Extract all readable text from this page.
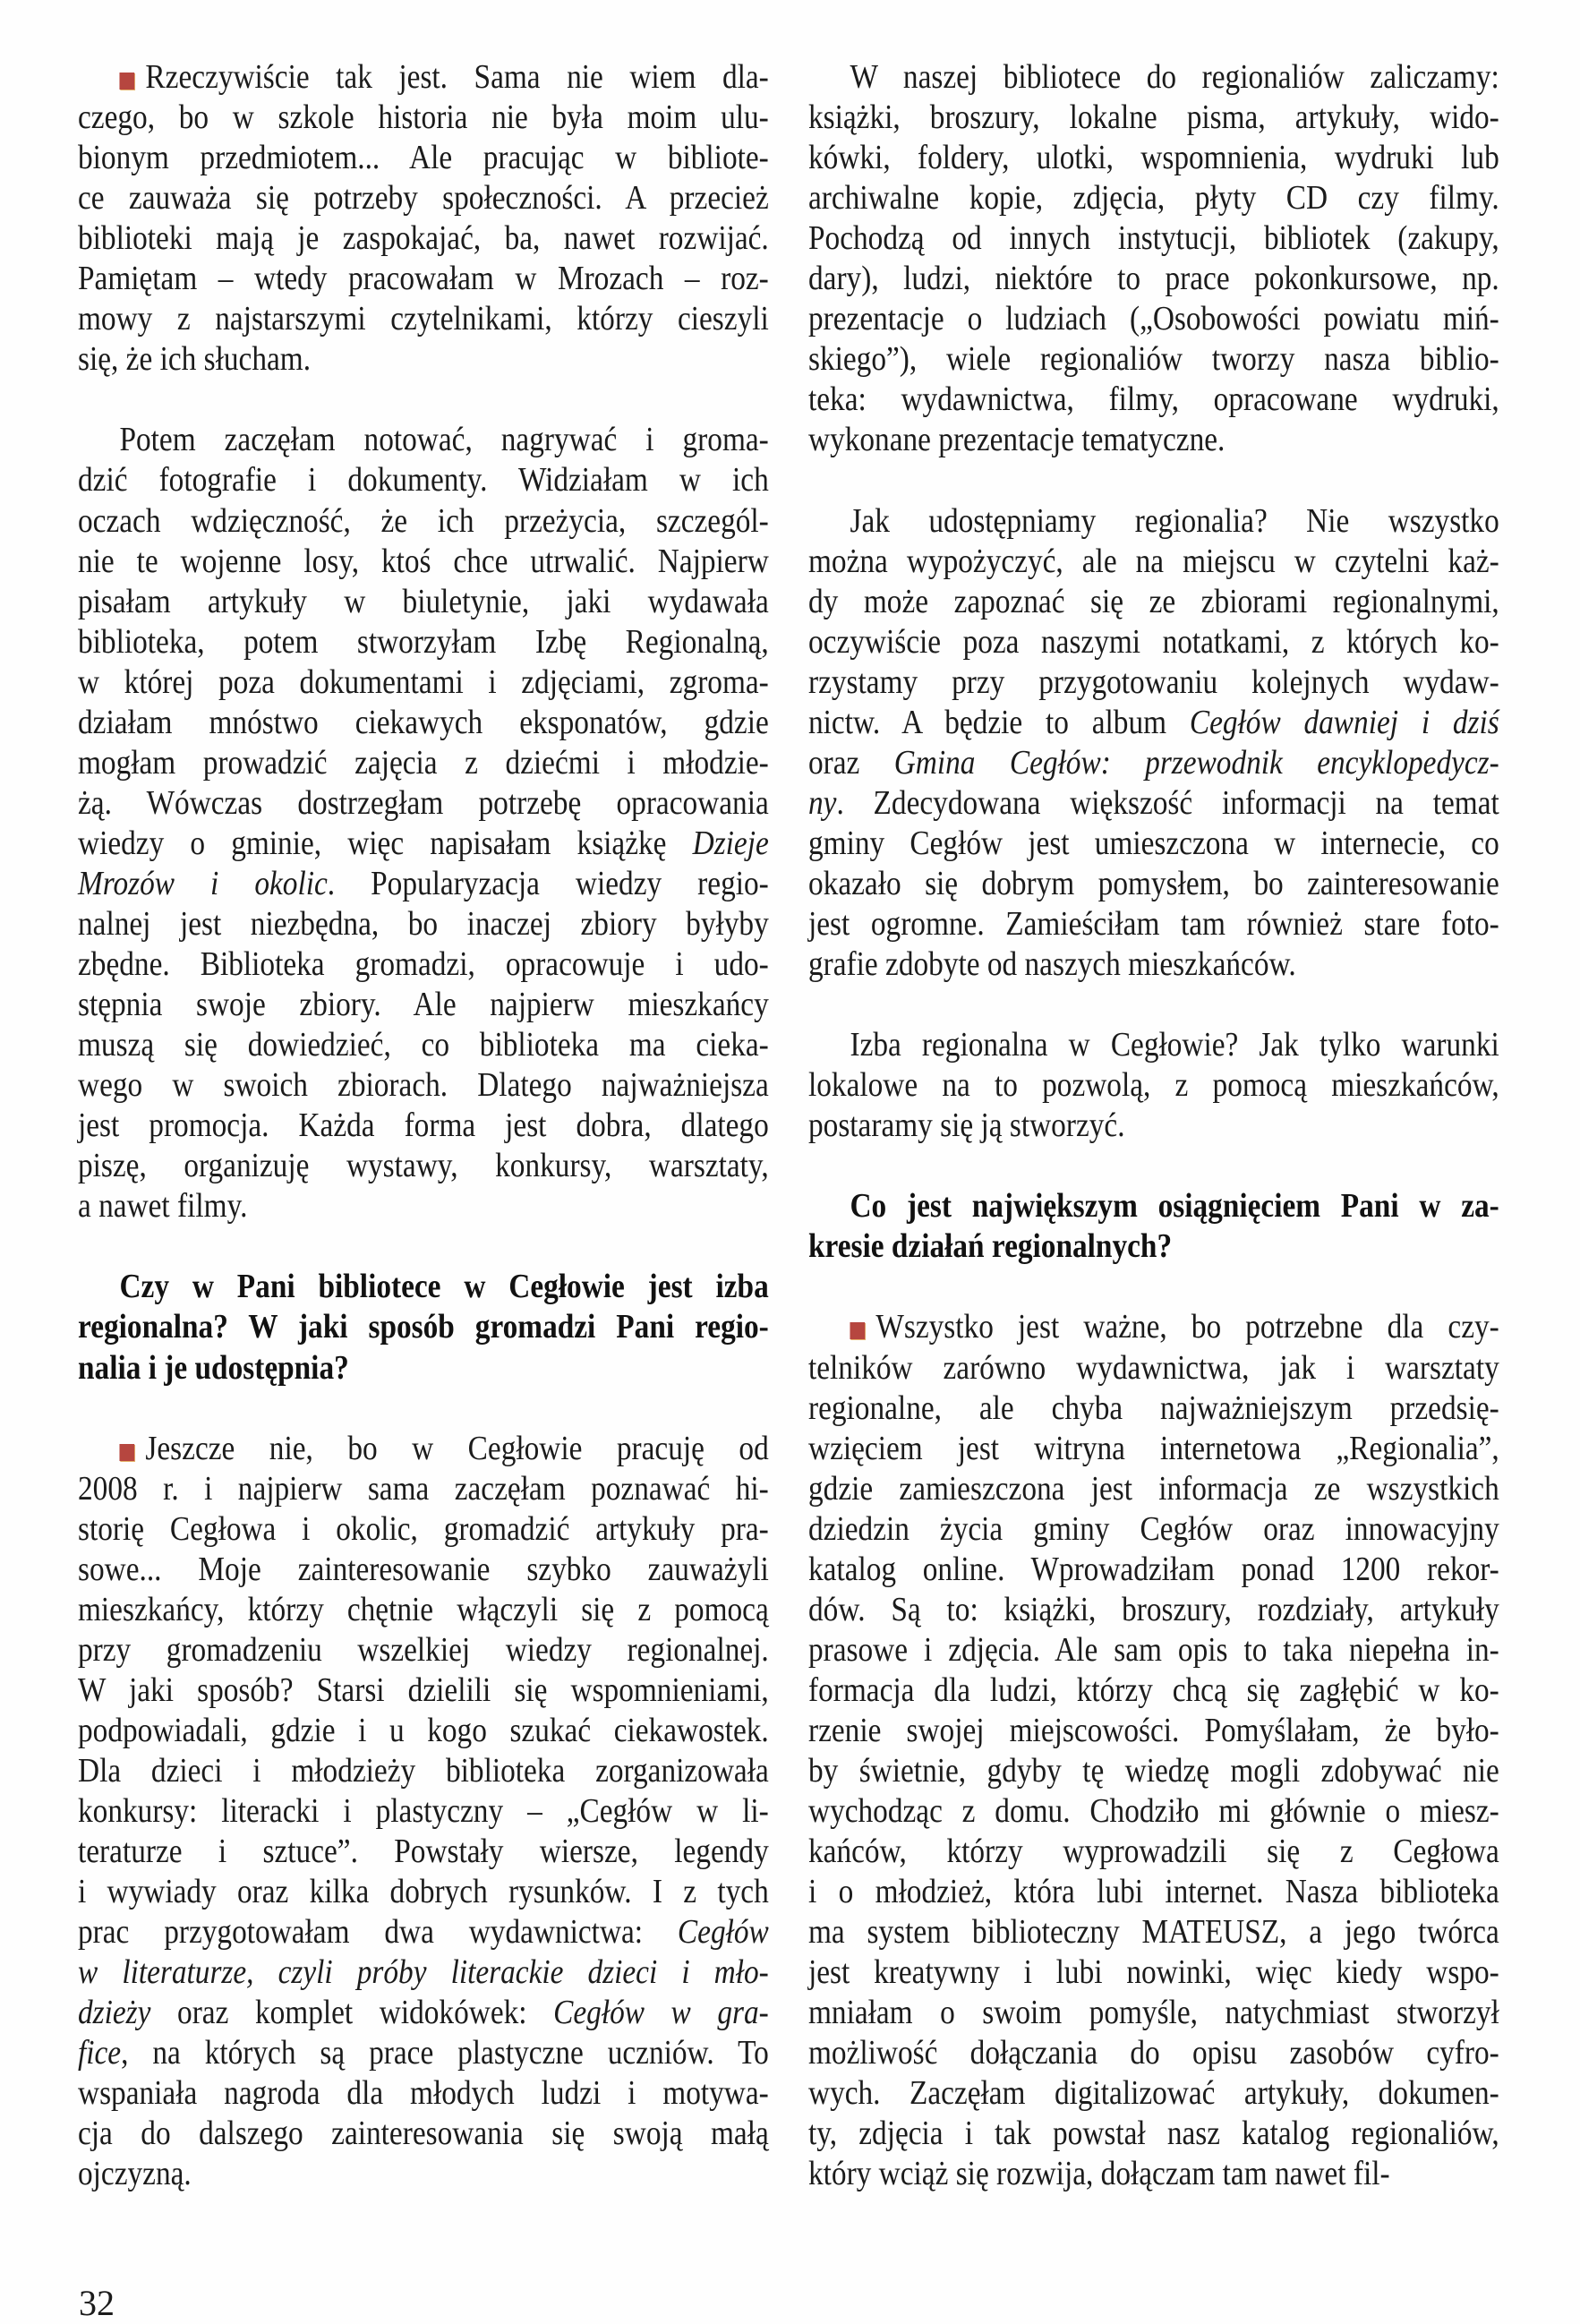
Rzeczywiście tak jest. Sama nie wiem dla-
czego, bo w szkole historia nie była moim ulu-
bionym przedmiotem... Ale pracując w bibliote-
ce zauważa się potrzeby społeczności. A przecież
biblioteki mają je zaspokajać, ba, nawet rozwijać.
Pamiętam – wtedy pracowałam w Mrozach – roz-
mowy z najstarszymi czytelnikami, którzy cieszyli
się, że ich słucham.
Potem zaczęłam notować, nagrywać i groma-
dzić fotografie i dokumenty. Widziałam w ich
oczach wdzięczność, że ich przeżycia, szczegól-
nie te wojenne losy, ktoś chce utrwalić. Najpierw
pisałam artykuły w biuletynie, jaki wydawała
biblioteka, potem stworzyłam Izbę Regionalną,
w której poza dokumentami i zdjęciami, zgroma-
działam mnóstwo ciekawych eksponatów, gdzie
mogłam prowadzić zajęcia z dziećmi i młodzie-
żą. Wówczas dostrzegłam potrzebę opracowania
wiedzy o gminie, więc napisałam książkę Dzieje
Mrozów i okolic. Popularyzacja wiedzy regio-
nalnej jest niezbędna, bo inaczej zbiory byłyby
zbędne. Biblioteka gromadzi, opracowuje i udo-
stępnia swoje zbiory. Ale najpierw mieszkańcy
muszą się dowiedzieć, co biblioteka ma cieka-
wego w swoich zbiorach. Dlatego najważniejsza
jest promocja. Każda forma jest dobra, dlatego
piszę, organizuję wystawy, konkursy, warsztaty,
a nawet filmy.
Czy w Pani bibliotece w Cegłowie jest izba
regionalna? W jaki sposób gromadzi Pani regio-
nalia i je udostępnia?
Jeszcze nie, bo w Cegłowie pracuję od
2008 r. i najpierw sama zaczęłam poznawać hi-
storię Cegłowa i okolic, gromadzić artykuły pra-
sowe... Moje zainteresowanie szybko zauważyli
mieszkańcy, którzy chętnie włączyli się z pomocą
przy gromadzeniu wszelkiej wiedzy regionalnej.
W jaki sposób? Starsi dzielili się wspomnieniami,
podpowiadali, gdzie i u kogo szukać ciekawostek.
Dla dzieci i młodzieży biblioteka zorganizowała
konkursy: literacki i plastyczny – „Cegłów w li-
teraturze i sztuce”. Powstały wiersze, legendy
i wywiady oraz kilka dobrych rysunków. I z tych
prac przygotowałam dwa wydawnictwa: Cegłów
w literaturze, czyli próby literackie dzieci i mło-
dzieży oraz komplet widokówek: Cegłów w gra-
fice, na których są prace plastyczne uczniów. To
wspaniała nagroda dla młodych ludzi i motywa-
cja do dalszego zainteresowania się swoją małą
ojczyzną.
W naszej bibliotece do regionaliów zaliczamy:
książki, broszury, lokalne pisma, artykuły, wido-
kówki, foldery, ulotki, wspomnienia, wydruki lub
archiwalne kopie, zdjęcia, płyty CD czy filmy.
Pochodzą od innych instytucji, bibliotek (zakupy,
dary), ludzi, niektóre to prace pokonkursowe, np.
prezentacje o ludziach („Osobowości powiatu miń-
skiego”), wiele regionaliów tworzy nasza biblio-
teka: wydawnictwa, filmy, opracowane wydruki,
wykonane prezentacje tematyczne.
Jak udostępniamy regionalia? Nie wszystko
można wypożyczyć, ale na miejscu w czytelni każ-
dy może zapoznać się ze zbiorami regionalnymi,
oczywiście poza naszymi notatkami, z których ko-
rzystamy przy przygotowaniu kolejnych wydaw-
nictw. A będzie to album Cegłów dawniej i dziś
oraz Gmina Cegłów: przewodnik encyklopedycz-
ny. Zdecydowana większość informacji na temat
gminy Cegłów jest umieszczona w internecie, co
okazało się dobrym pomysłem, bo zainteresowanie
jest ogromne. Zamieściłam tam również stare foto-
grafie zdobyte od naszych mieszkańców.
Izba regionalna w Cegłowie? Jak tylko warunki
lokalowe na to pozwolą, z pomocą mieszkańców,
postaramy się ją stworzyć.
Co jest największym osiągnięciem Pani w za-
kresie działań regionalnych?
Wszystko jest ważne, bo potrzebne dla czy-
telników zarówno wydawnictwa, jak i warsztaty
regionalne, ale chyba najważniejszym przedsię-
wzięciem jest witryna internetowa „Regionalia”,
gdzie zamieszczona jest informacja ze wszystkich
dziedzin życia gminy Cegłów oraz innowacyjny
katalog online. Wprowadziłam ponad 1200 rekor-
dów. Są to: książki, broszury, rozdziały, artykuły
prasowe i zdjęcia. Ale sam opis to taka niepełna in-
formacja dla ludzi, którzy chcą się zagłębić w ko-
rzenie swojej miejscowości. Pomyślałam, że było-
by świetnie, gdyby tę wiedzę mogli zdobywać nie
wychodząc z domu. Chodziło mi głównie o miesz-
kańców, którzy wyprowadzili się z Cegłowa
i o młodzież, która lubi internet. Nasza biblioteka
ma system biblioteczny MATEUSZ, a jego twórca
jest kreatywny i lubi nowinki, więc kiedy wspo-
mniałam o swoim pomyśle, natychmiast stworzył
możliwość dołączania do opisu zasobów cyfro-
wych. Zaczęłam digitalizować artykuły, dokumen-
ty, zdjęcia i tak powstał nasz katalog regionaliów,
który wciąż się rozwija, dołączam tam nawet fil-
32
